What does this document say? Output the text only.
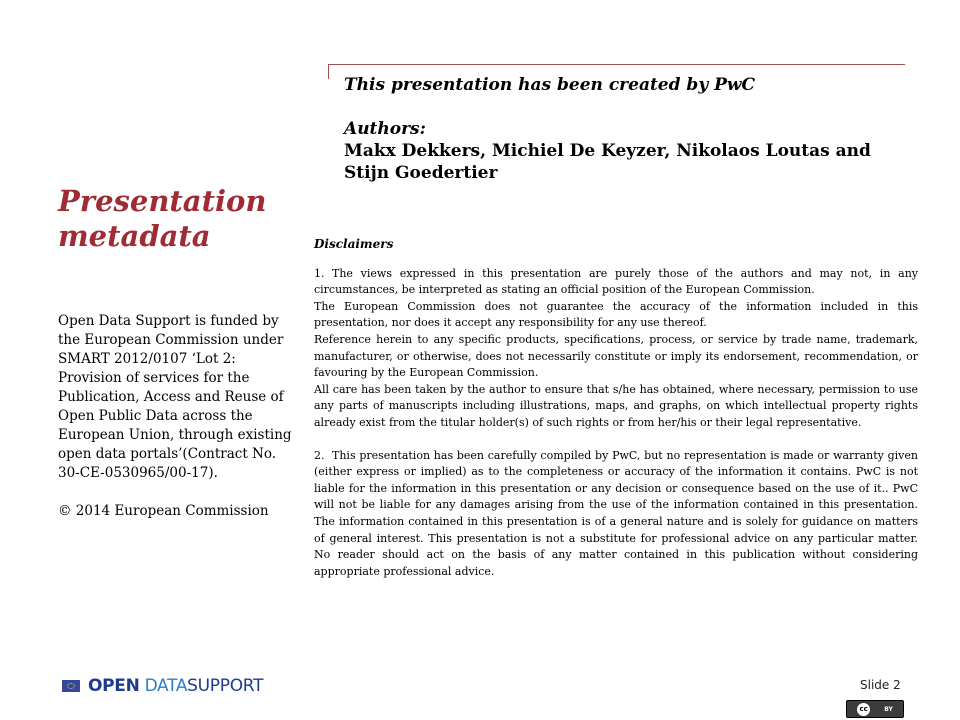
This presentation has been created by PwC

Authors:

Makx Dekkers, Michiel De Keyzer, Nikolaos Loutas and Stijn Goedertier

Presentation
metadata

Open Data Support is funded by the European Commission under SMART 2012/0107 ‘Lot 2: Provision of services for the Publication, Access and Reuse of Open Public Data across the European Union, through existing open data portals’(Contract No. 30-CE-0530965/00-17).

© 2014 European Commission

Disclaimers

1. The views expressed in this presentation are purely those of the authors and may not, in any circumstances, be interpreted as stating an official position of the European Commission.

The European Commission does not guarantee the accuracy of the information included in this presentation, nor does it accept any responsibility for any use thereof.

Reference herein to any specific products, specifications, process, or service by trade name, trademark, manufacturer, or otherwise, does not necessarily constitute or imply its endorsement, recommendation, or favouring by the European Commission.

All care has been taken by the author to ensure that s/he has obtained, where necessary, permission to use any parts of manuscripts including illustrations, maps, and graphs, on which intellectual property rights already exist from the titular holder(s) of such rights or from her/his or their legal representative.

2. This presentation has been carefully compiled by PwC, but no representation is made or warranty given (either express or implied) as to the completeness or accuracy of the information it contains. PwC is not liable for the information in this presentation or any decision or consequence based on the use of it.. PwC will not be liable for any damages arising from the use of the information contained in this presentation. The information contained in this presentation is of a general nature and is solely for guidance on matters of general interest. This presentation is not a substitute for professional advice on any particular matter. No reader should act on the basis of any matter contained in this publication without considering appropriate professional advice.

OPEN DATA SUPPORT	Slide 2
cc	BY
